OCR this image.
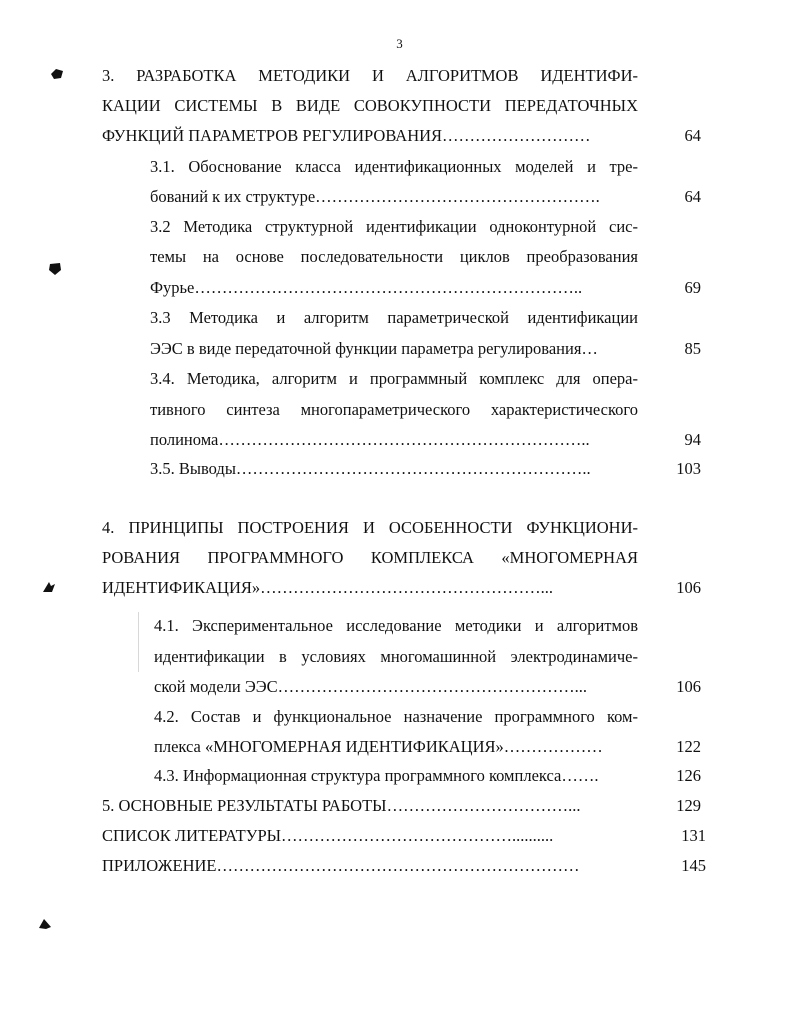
3
3. РАЗРАБОТКА МЕТОДИКИ И АЛГОРИТМОВ ИДЕНТИФИ-
КАЦИИ СИСТЕМЫ В ВИДЕ СОВОКУПНОСТИ ПЕРЕДАТОЧНЫХ
ФУНКЦИЙ ПАРАМЕТРОВ РЕГУЛИРОВАНИЯ………………………	64
3.1. Обоснование класса идентификационных моделей и тре-
бований к их структуре…………………………………………….	64
3.2 Методика структурной идентификации одноконтурной сис-
темы на основе последовательности циклов преобразования
Фурье……………………………………………………………..	69
3.3 Методика и алгоритм параметрической идентификации
ЭЭС в виде передаточной функции параметра регулирования…	85
3.4. Методика, алгоритм и программный комплекс для опера-
тивного синтеза многопараметрического характеристического
полинома…………………………………………………………..	94
3.5. Выводы………………………………………………………..	103
4. ПРИНЦИПЫ ПОСТРОЕНИЯ И ОСОБЕННОСТИ ФУНКЦИОНИ-
РОВАНИЯ ПРОГРАММНОГО КОМПЛЕКСА «МНОГОМЕРНАЯ
ИДЕНТИФИКАЦИЯ»……………………………………………...	106
4.1. Экспериментальное исследование методики и алгоритмов
идентификации в условиях многомашинной электродинамиче-
ской модели ЭЭС………………………………………………...	106
4.2. Состав и функциональное назначение программного ком-
плекса «МНОГОМЕРНАЯ ИДЕНТИФИКАЦИЯ»………………	122
4.3. Информационная структура программного комплекса…….	126
5. ОСНОВНЫЕ РЕЗУЛЬТАТЫ РАБОТЫ……………………………...	129
СПИСОК ЛИТЕРАТУРЫ……………………………………..........	131
ПРИЛОЖЕНИЕ…………………………………………………………	145
